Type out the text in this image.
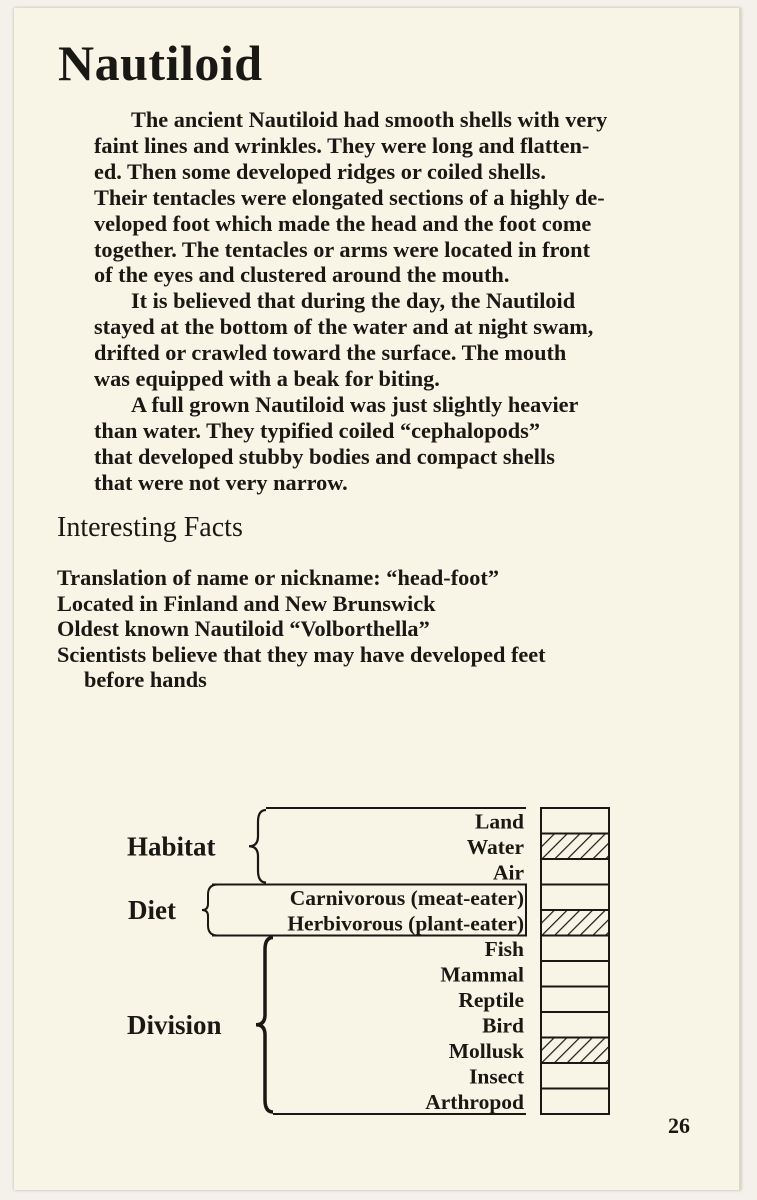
Nautiloid

The ancient Nautiloid had smooth shells with very
faint lines and wrinkles. They were long and flatten-
ed. Then some developed ridges or coiled shells.
Their tentacles were elongated sections of a highly de-
veloped foot which made the head and the foot come
together. The tentacles or arms were located in front
of the eyes and clustered around the mouth.

It is believed that during the day, the Nautiloid
stayed at the bottom of the water and at night swam,
drifted or crawled toward the surface. The mouth
was equipped with a beak for biting.

A full grown Nautiloid was just slightly heavier
than water. They typified coiled “cephalopods”
that developed stubby bodies and compact shells
that were not very narrow.

Interesting Facts
Translation of name or nickname: “head-foot”
Located in Finland and New Brunswick
Oldest known Nautiloid “Volborthella”
Scientists believe that they may have developed feet
before hands
Land
Water
Air
Habitat
Carnivorous (meat-eater)
Herbivorous (plant-eater)
Diet
Fish
Mammal
Reptile
Bird
Mollusk
Insect
Arthropod
Division
26
